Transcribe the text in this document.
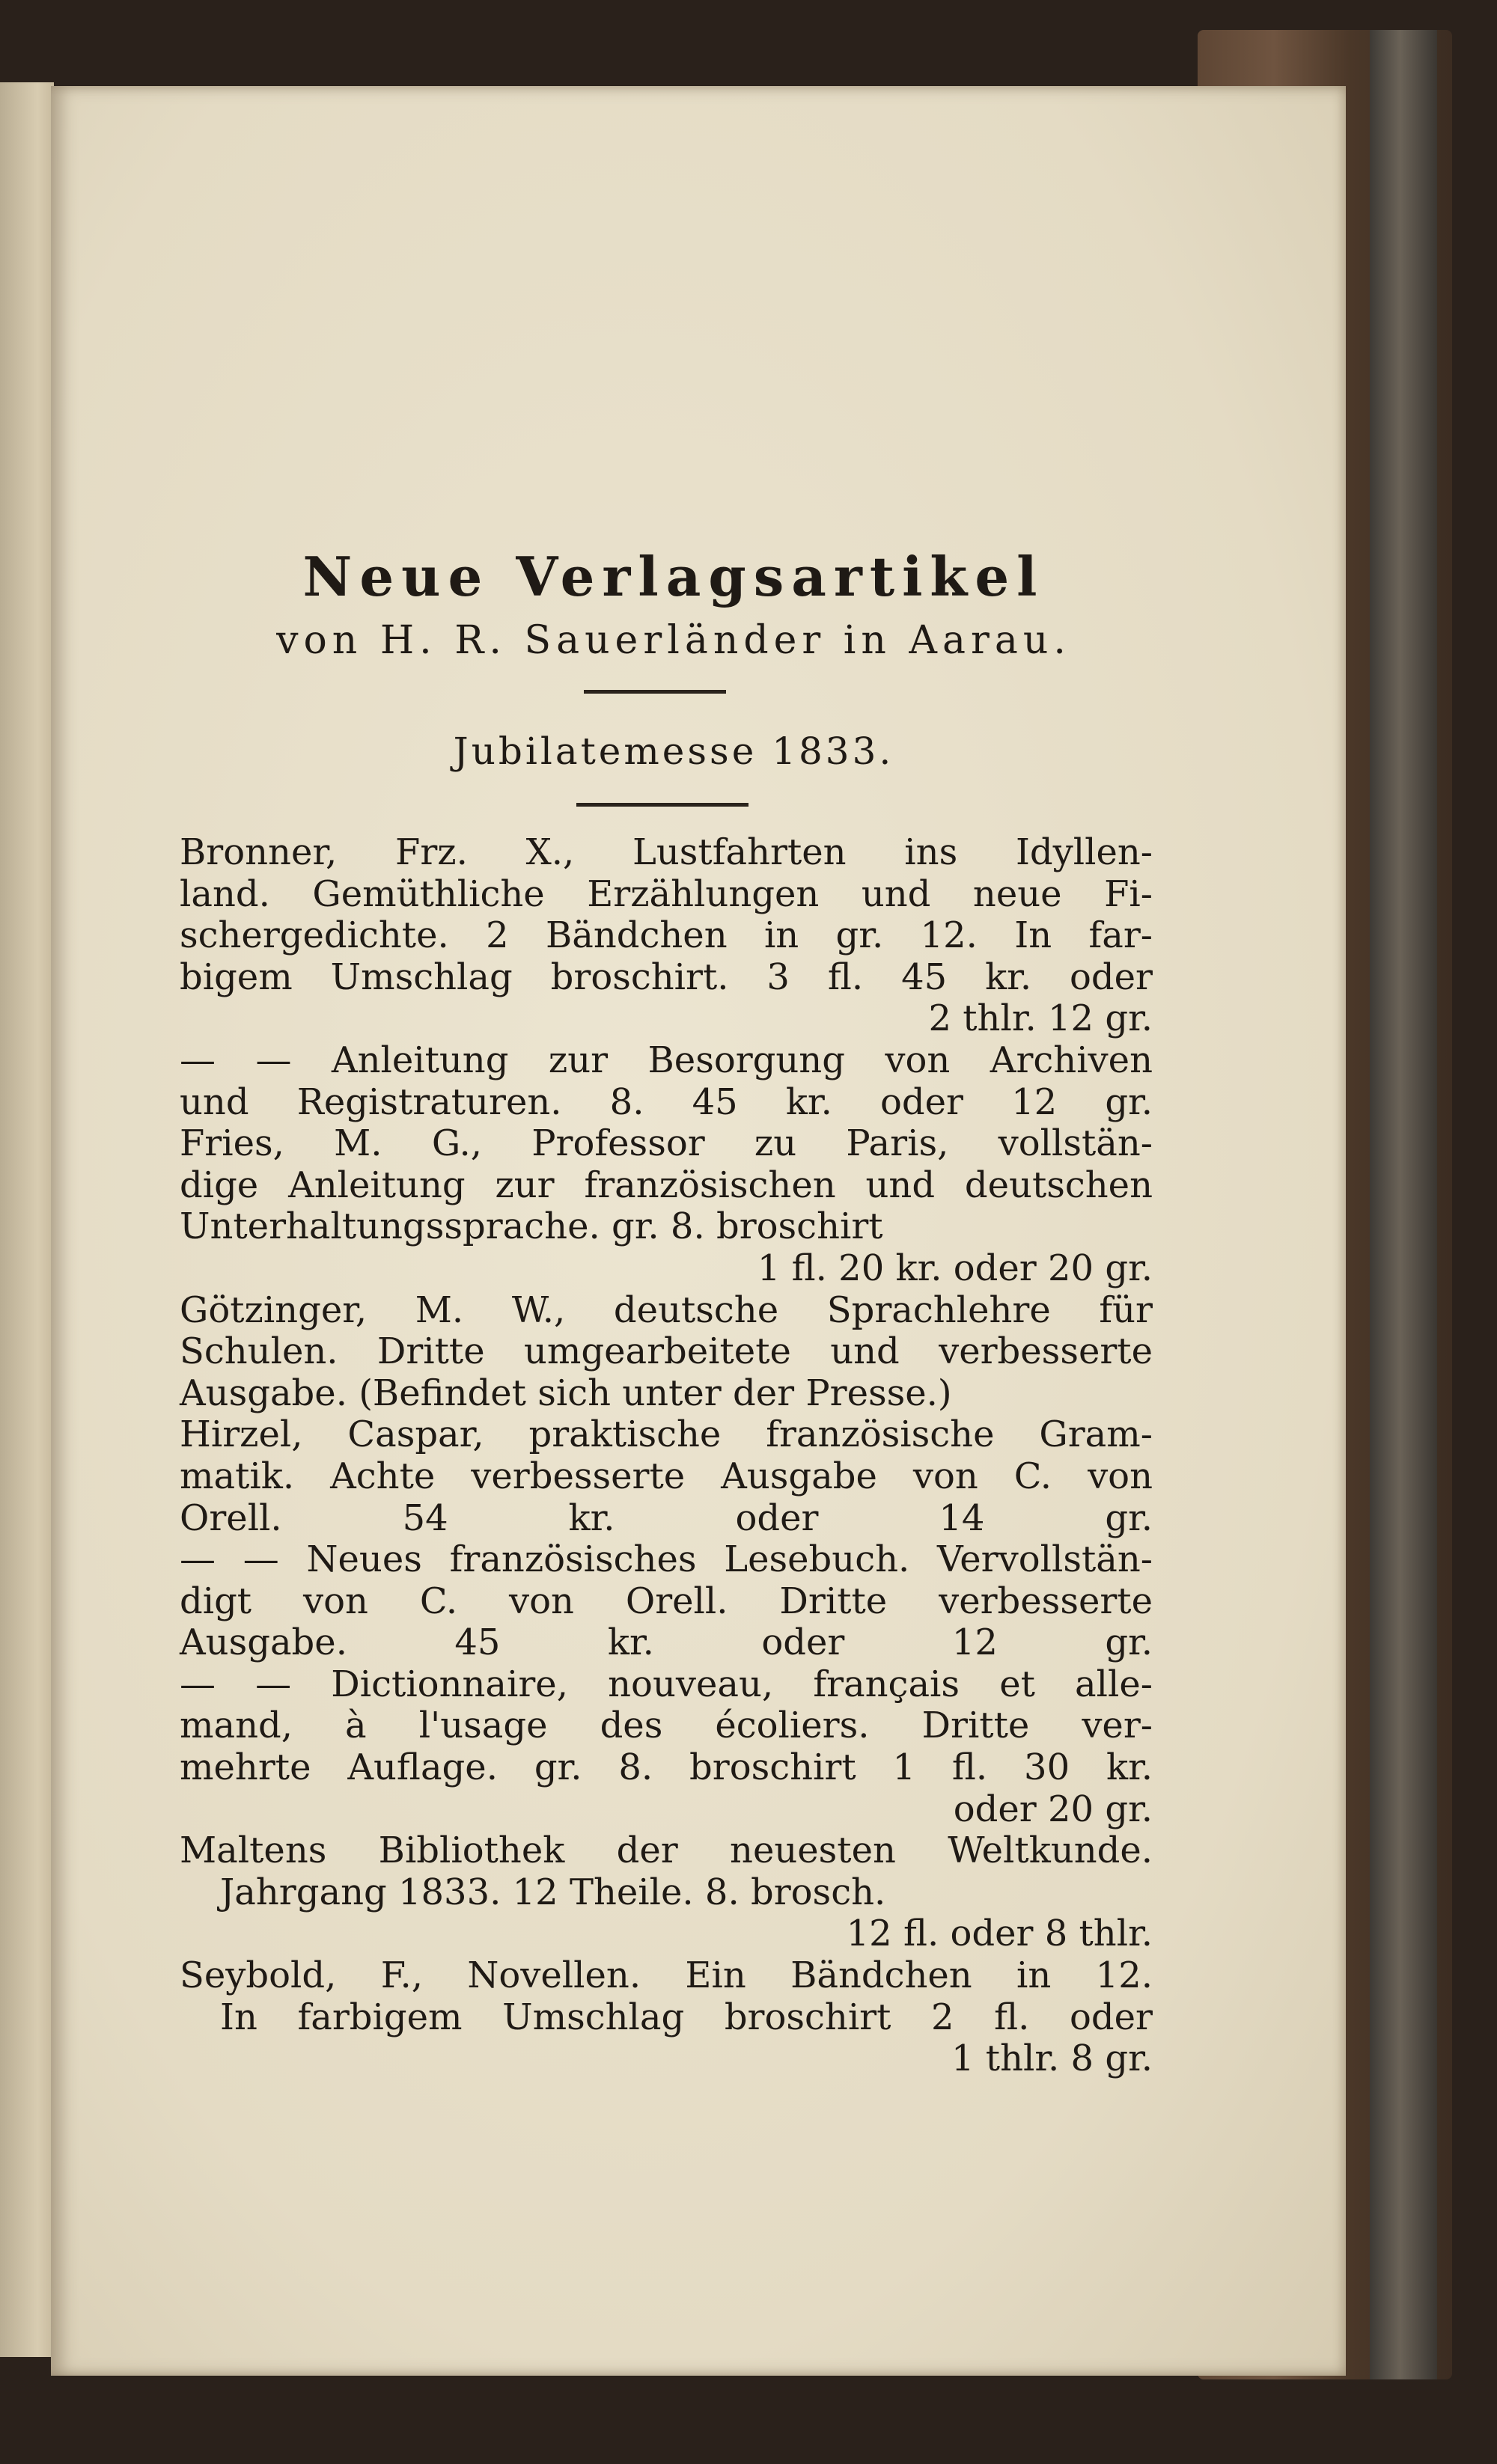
Neue Verlagsartikel
von H. R. Sauerländer in Aarau.
Jubilatemesse 1833.
Bronner, Frz. X., Lustfahrten ins Idyllen-
land. Gemüthliche Erzählungen und neue Fi-
schergedichte. 2 Bändchen in gr. 12. In far-
bigem Umschlag broschirt. 3 fl. 45 kr. oder
2 thlr. 12 gr.
— — Anleitung zur Besorgung von Archiven
und Registraturen. 8. 45 kr. oder 12 gr.
Fries, M. G., Professor zu Paris, vollstän-
dige Anleitung zur französischen und deutschen
Unterhaltungssprache. gr. 8. broschirt
1 fl. 20 kr. oder 20 gr.
Götzinger, M. W., deutsche Sprachlehre für
Schulen. Dritte umgearbeitete und verbesserte
Ausgabe. (Befindet sich unter der Presse.)
Hirzel, Caspar, praktische französische Gram-
matik. Achte verbesserte Ausgabe von C. von
Orell. 54 kr. oder 14 gr.
— — Neues französisches Lesebuch. Vervollstän-
digt von C. von Orell. Dritte verbesserte
Ausgabe. 45 kr. oder 12 gr.
— — Dictionnaire, nouveau, français et alle-
mand, à l'usage des écoliers. Dritte ver-
mehrte Auflage. gr. 8. broschirt 1 fl. 30 kr.
oder 20 gr.
Maltens Bibliothek der neuesten Weltkunde.
Jahrgang 1833. 12 Theile. 8. brosch.
12 fl. oder 8 thlr.
Seybold, F., Novellen. Ein Bändchen in 12.
In farbigem Umschlag broschirt 2 fl. oder
1 thlr. 8 gr.
